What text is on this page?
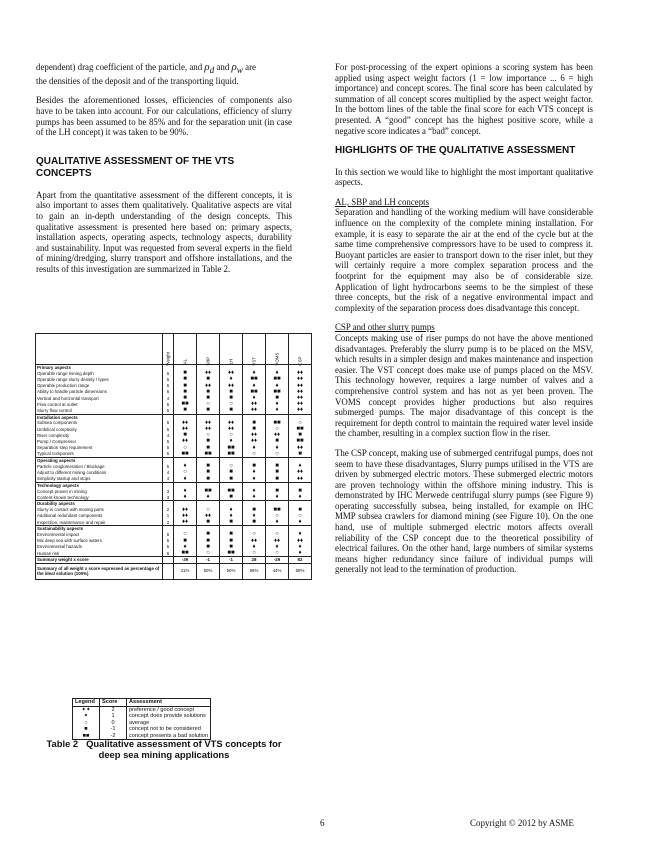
dependent) drag coefficient of the particle, and $\rho_d$ and $\rho_w$ are
the densities of the deposit and of the transporting liquid.

Besides the aforementioned losses, efficiencies of components also have to be taken into account. For our calculations, efficiency of slurry pumps has been assumed to be 85% and for the separation unit (in case of the LH concept) it was taken to be 90%.

QUALITATIVE ASSESSMENT OF THE VTS CONCEPTS

Apart from the quantitative assessment of the different concepts, it is also important to asses them qualitatively. Qualitative aspects are vital to gain an in-depth understanding of the design concepts. This qualitative assessment is presented here based on: primary aspects, installation aspects, operating aspects, technology aspects, durability and sustainability. Input was requested from several experts in the field of mining/dredging, slurry transport and offshore installations, and the results of this investigation are summarized in Table 2.

	Weight	AL	SBP	LH	VST	VOMS	CSP
Primary aspects							
Operable range mining depth	6	■	♦♦	♦♦	♦	♦	♦♦
Operable range slurry density / types	6	■	■	♦	■■	■■	♦♦
Operable production range	6	■	♦♦	♦♦	♦	♦	♦♦
Ability to handle particle dimensions	6	■	■	■	■■	■■	♦♦
Vertical and horizontal transport	4	■	■	■	♦	■	♦♦
Flow control at outlet	5	■■	○	○	♦♦	♦	♦♦
Slurry flow control	5	■	■	■	♦♦	♦	♦♦
Installation aspects							
Subsea components	5	♦♦	♦♦	♦♦	■	■■	○
Umbilical complexity	5	♦♦	♦♦	♦♦	■	○	■■
Riser complexity	4	■	○	○	♦♦	♦♦	■
Pump / Compressor	5	♦♦	■	♦	♦♦	■	■■
Separation step requirement	5	○	■	■■	♦	♦	♦♦
Typical component	5	■■	■■	■■	○	○	■
Operating aspects							
Particle conglomeration / Blockage	5	♦	■	○	■	■	♦
Adjust to different mining conditions	4	○	■	■	♦	■	♦♦
Simplicity startup and stops	4	♦	■	■	♦	■	♦♦
Technology aspects							
Concept proven in mining	3	♦	■■	■■	♦	■	■
Content known technology	3	♦	♦	■	♦	♦	♦
Durability aspects							
Slurry in contact with moving parts	2	♦♦	○	♦	■	■■	■
Additional redundant components	1	♦♦	♦♦	♦	♦	○	○
Inspection, maintenance and repair	2	♦♦	■	■	■	♦	♦
Sustainability aspects							
Environmental impact	6	○	■	■	○	○	♦
Mix deep sea with surface waters	5	■	■	■	♦♦	♦♦	♦♦
Environmental hazards	5	♦	■	■	♦	♦	♦
Human risk	6	■■	○	■■	○	○	♦
Summary weight x score		-39	-1	-1	28	-29	82
Summary of all weight x score expressed as percentage of the ideal solution (100%)		41%	50%	50%	56%	44%	68%
Legend	Score	Assessment
✦✦	2	preference / good concept
✦	1	concept does provide solutions
○	0	average
■	-1	concept not to be considered
■■	-2	concept presents a bad solution
Table 2 Qualitative assessment of VTS concepts for deep sea mining applications

For post-processing of the expert opinions a scoring system has been applied using aspect weight factors (1 = low importance ... 6 = high importance) and concept scores. The final score has been calculated by summation of all concept scores multiplied by the aspect weight factor. In the bottom lines of the table the final score for each VTS concept is presented. A “good” concept has the highest positive score, while a negative score indicates a “bad” concept.

HIGHLIGHTS OF THE QUALITATIVE ASSESSMENT

In this section we would like to highlight the most important qualitative aspects.

AL, SBP and LH concepts

Separation and handling of the working medium will have considerable influence on the complexity of the complete mining installation. For example, it is easy to separate the air at the end of the cycle but at the same time comprehensive compressors have to be used to compress it. Buoyant particles are easier to transport down to the riser inlet, but they will certainly require a more complex separation process and the footprint for the equipment may also be of considerable size. Application of light hydrocarbons seems to be the simplest of these three concepts, but the risk of a negative environmental impact and complexity of the separation process does disadvantage this concept.

CSP and other slurry pumps

Concepts making use of riser pumps do not have the above mentioned disadvantages. Preferably the slurry pump is to be placed on the MSV, which results in a simpler design and makes maintenance and inspection easier. The VST concept does make use of pumps placed on the MSV. This technology however, requires a large number of valves and a comprehensive control system and has not as yet been proven. The VOMS concept provides higher productions but also requires submerged pumps. The major disadvantage of this concept is the requirement for depth control to maintain the required water level inside the chamber, resulting in a complex suction flow in the riser.

The CSP concept, making use of submerged centrifugal pumps, does not seem to have these disadvantages, Slurry pumps utilised in the VTS are driven by submerged electric motors. These submerged electric motors are proven technology within the offshore mining industry. This is demonstrated by IHC Merwede centrifugal slurry pumps (see Figure 9) operating successfully subsea, being installed, for example on IHC MMP subsea crawlers for diamond mining (see Figure 10). On the one hand, use of multiple submerged electric motors affects overall reliability of the CSP concept due to the theoretical possibility of electrical failures. On the other hand, large numbers of similar systems means higher redundancy since failure of individual pumps will generally not lead to the termination of production.

6	Copyright © 2012 by ASME
